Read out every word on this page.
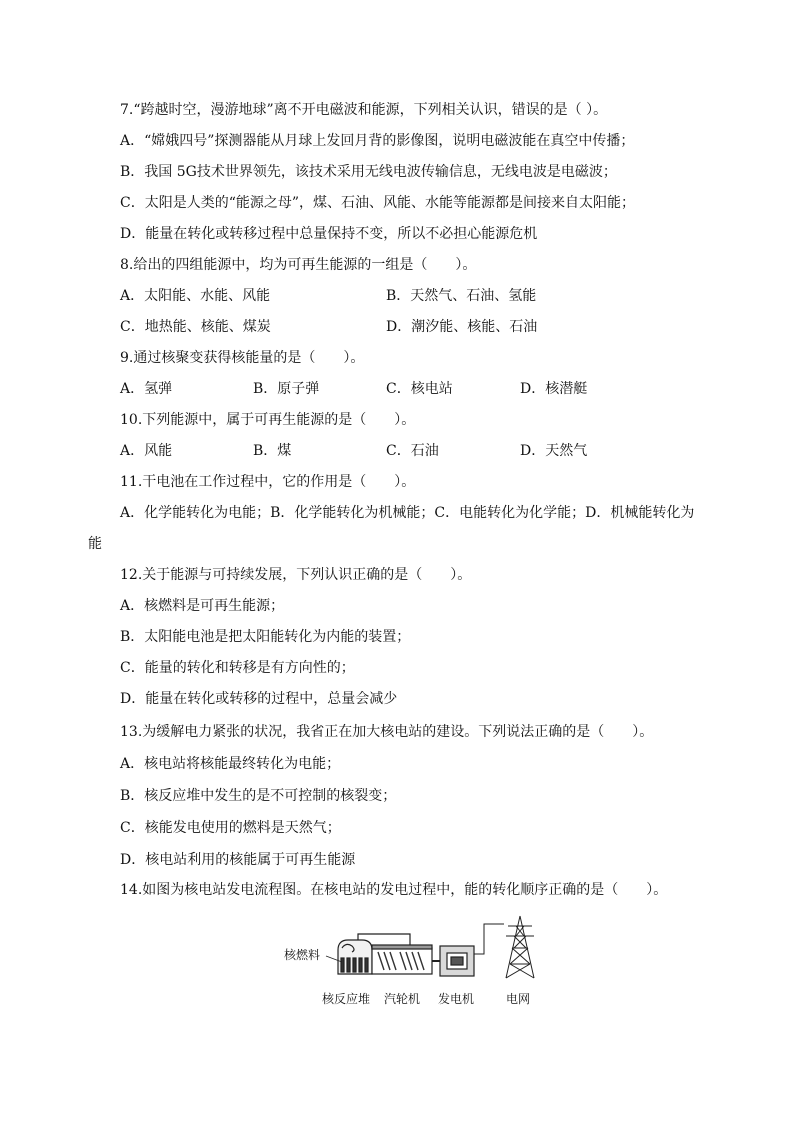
7.“跨越时空，漫游地球”离不开电磁波和能源，下列相关认识，错误的是（ ）。
A．“嫦娥四号”探测器能从月球上发回月背的影像图，说明电磁波能在真空中传播；
B．我国 5G技术世界领先，该技术采用无线电波传输信息，无线电波是电磁波；
C．太阳是人类的“能源之母”，煤、石油、风能、水能等能源都是间接来自太阳能；
D．能量在转化或转移过程中总量保持不变，所以不必担心能源危机
8.给出的四组能源中，均为可再生能源的一组是（　　）。
A．太阳能、水能、风能	B．天然气、石油、氢能
C．地热能、核能、煤炭	D．潮汐能、核能、石油
9.通过核聚变获得核能量的是（　　）。
A．氢弹	B．原子弹	C．核电站	D．核潜艇
10.下列能源中，属于可再生能源的是（　　）。
A．风能	B．煤	C．石油	D．天然气
11.干电池在工作过程中，它的作用是（　　）。
A．化学能转化为电能；B．化学能转化为机械能；C．电能转化为化学能；D．机械能转化为
能
12.关于能源与可持续发展，下列认识正确的是（　　）。
A．核燃料是可再生能源；
B．太阳能电池是把太阳能转化为内能的装置；
C．能量的转化和转移是有方向性的；
D．能量在转化或转移的过程中，总量会减少
13.为缓解电力紧张的状况，我省正在加大核电站的建设。下列说法正确的是（　　）。
A．核电站将核能最终转化为电能；
B．核反应堆中发生的是不可控制的核裂变；
C．核能发电使用的燃料是天然气；
D．核电站利用的核能属于可再生能源
14.如图为核电站发电流程图。在核电站的发电过程中，能的转化顺序正确的是（　　）。
核燃料
核反应堆 汽轮机 发电机	电网
